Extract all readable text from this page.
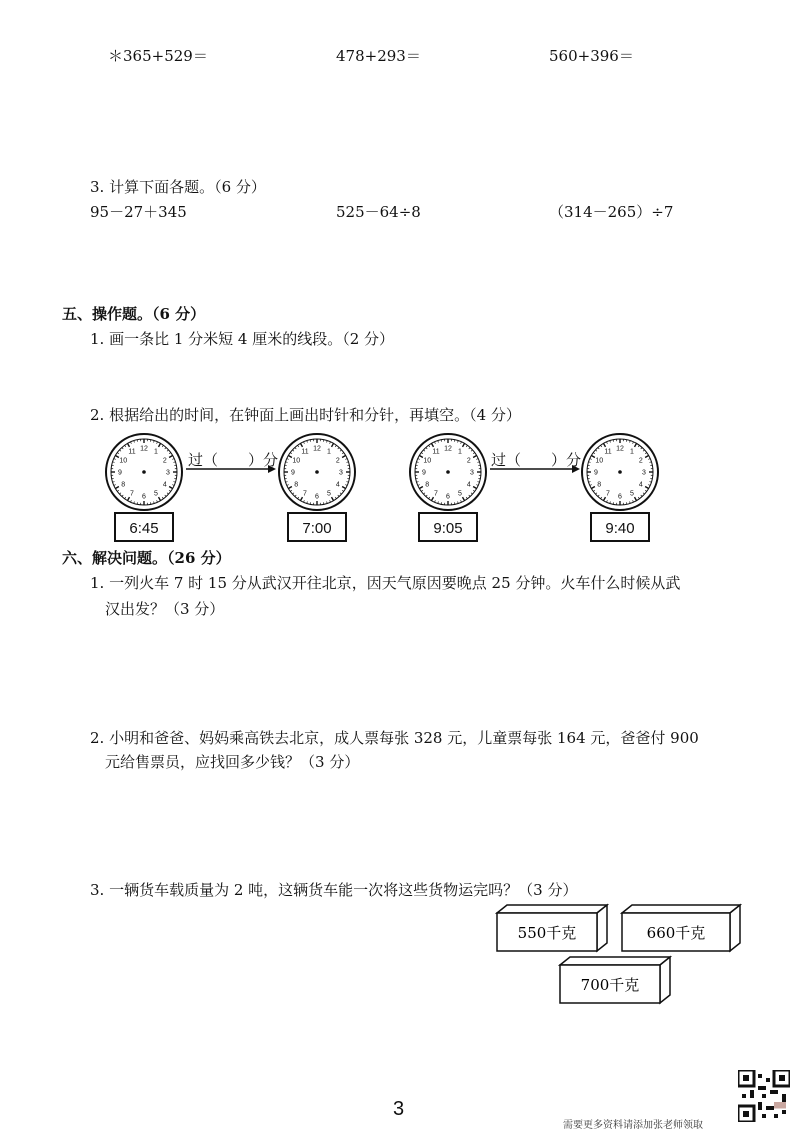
＊365+529＝	478+293＝	560+396＝
3. 计算下面各题。（6 分）
95－27＋345	525－64÷8	（314－265）÷7
五、操作题。（6 分）
1. 画一条比 1 分米短 4 厘米的线段。（2 分）
2. 根据给出的时间，在钟面上画出时针和分针，再填空。（4 分）
1
2
3
4
5
6
7
8
9
10
11 12	1
2
3
4
5
6
7
8
9
10
11 12	1
2
3
4
5
6
7
8
9
10
11 12	1
2
3
4
5
6
7
8
9
10
11 12
过（　　）分	过（　　）分
6:45	7:00	9:05	9:40
六、解决问题。（26 分）
1. 一列火车 7 时 15 分从武汉开往北京，因天气原因要晚点 25 分钟。火车什么时候从武
汉出发？（3 分）
2. 小明和爸爸、妈妈乘高铁去北京，成人票每张 328 元，儿童票每张 164 元，爸爸付 900
元给售票员，应找回多少钱？（3 分）
3. 一辆货车载质量为 2 吨，这辆货车能一次将这些货物运完吗？（3 分）
550千克	660千克
700千克
3
需要更多资料请添加张老师领取
